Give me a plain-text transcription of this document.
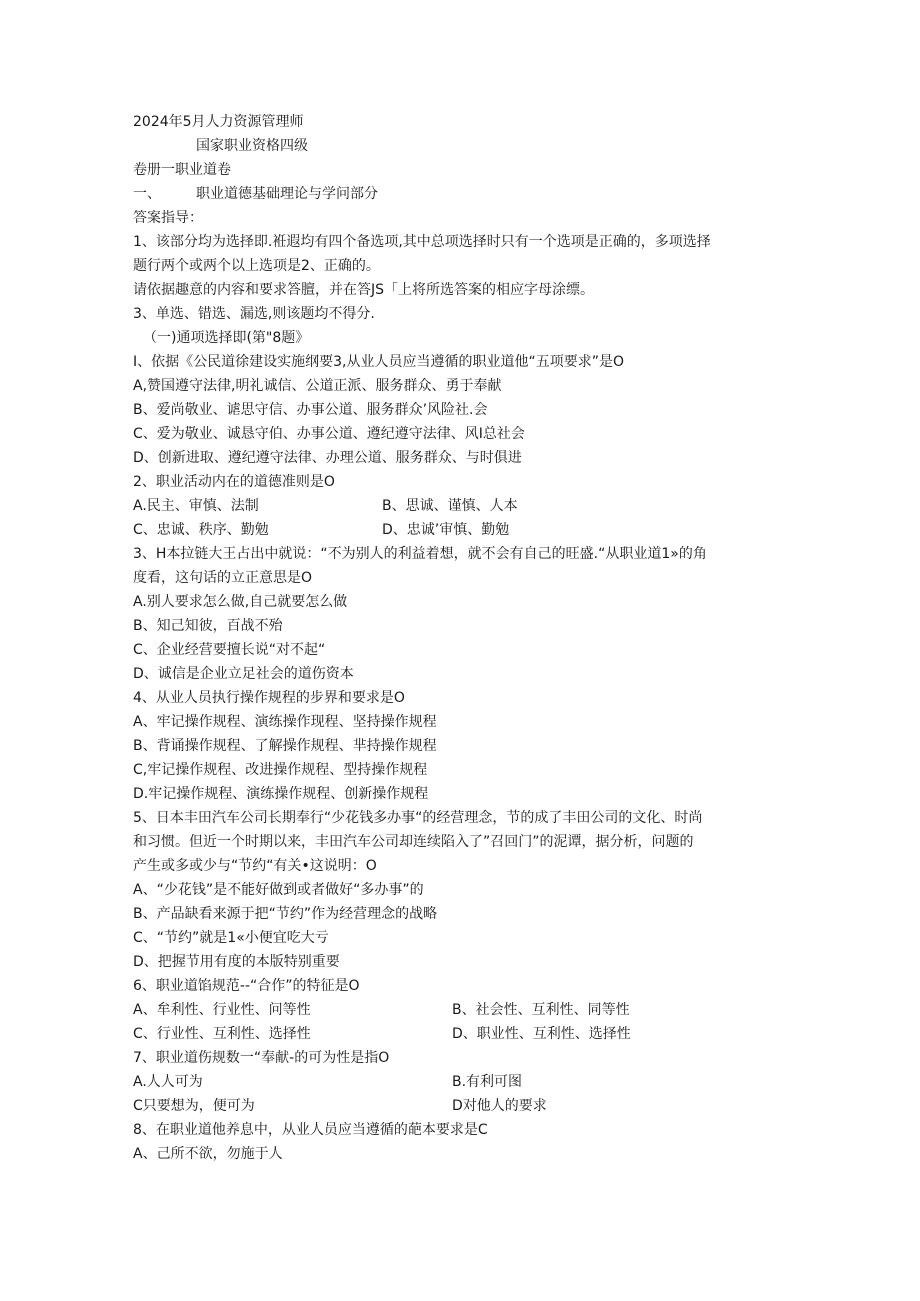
2024年5月人力资源管理师
国家职业资格四级
卷册一职业道卷
一、	职业道德基础理论与学问部分
答案指导：
1、该部分均为选择即.袵遐均有四个备选项,其中总项选择时只有一个选项是正确的，多项选择
题行两个或两个以上选项是2、正确的。
请依据趣意的内容和要求答膻，并在答JS「上将所选答案的相应字母涂缥。
3、单选、错选、漏选,则该题均不得分.
（一)通项选择即(第"8题》
I、依据《公民道徐建设实施纲要3,从业人员应当遵循的职业道他“五项要求”是O
A,赞国遵守法律,明礼诚信、公道正派、服务群众、勇于奉献
B、爱尚敬业、谑思守信、办事公道、服务群众’风险社.会
C、爱为敬业、诚恳守伯、办事公道、遵纪遵守法律、风I总社会
D、创新进取、遵纪遵守法律、办理公道、服务群众、与时俱进
2、职业活动内在的道德准则是O
A.民主、审慎、法制	B、思诚、谨慎、人本
C、忠诚、秩序、勤勉	D、忠诚’审慎、勤勉
3、H本拉链大王占出中就说：“不为别人的利益着想，就不会有自己的旺盛.“从职业道1»的角
度看，这句话的立正意思是O
A.别人要求怎么做,自己就要怎么做
B、知己知彼，百战不殆
C、企业经营要擅长说“对不起“
D、诚信是企业立足社会的道伤资本
4、从业人员执行操作规程的步界和要求是O
A、牢记操作规程、演练操作现程、坚持操作规程
B、背诵操作规程、了解操作规程、芈持操作规程
C,牢记操作规程、改进操作规程、型持操作规程
D.牢记操作规程、演练操作规程、创新操作规程
5、日本丰田汽车公司长期奉行“少花钱多办事“的经营理念，节的成了丰田公司的文化、时尚
和习惯。但近一个时期以来，丰田汽车公司却连续陷入了”召回门”的泥谭，据分析，问题的
产生或多或少与“节约“有关•这说明：O
A、“少花钱”是不能好做到或者做好“多办事”的
B、产品缺看来源于把“节约”作为经营理念的战略
C、“节约”就是1«小便宜吃大亏
D、把握节用有度的本版特别重要
6、职业道馅规范--“合作”的特征是O
A、牟利性、行业性、问等性	B、社会性、互利性、同等性
C、行业性、互利性、选择性	D、职业性、互利性、选择性
7、职业道伤规数一“奉献-的可为性是指O
A.人人可为	B.有利可图
C只要想为，便可为	D对他人的要求
8、在职业道他养息中，从业人员应当遵循的葩本要求是C
A、己所不欲，勿施于人
